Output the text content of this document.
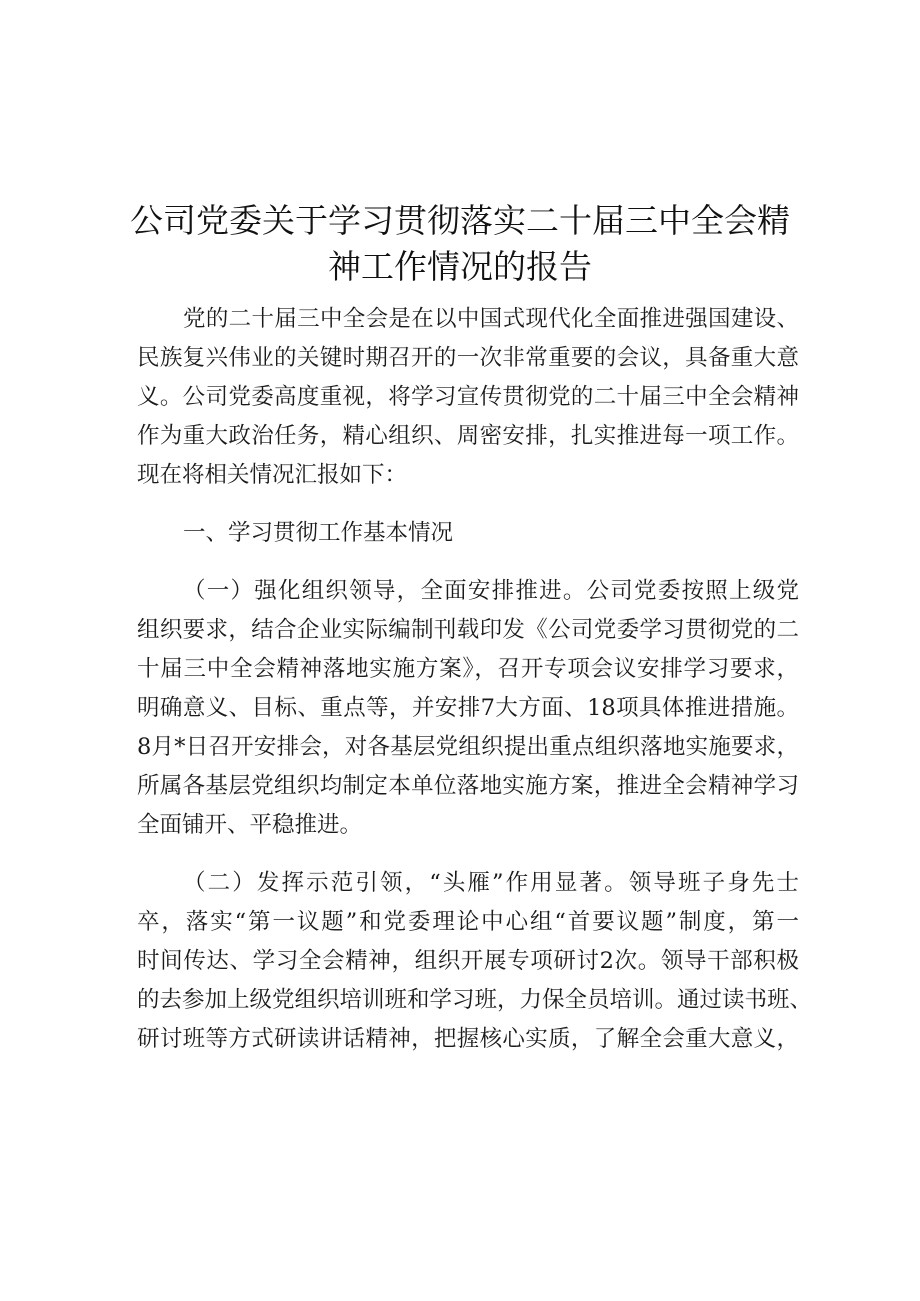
公司党委关于学习贯彻落实二十届三中全会精
神工作情况的报告

党的二十届三中全会是在以中国式现代化全面推进强国建设、
民族复兴伟业的关键时期召开的一次非常重要的会议，具备重大意
义。公司党委高度重视，将学习宣传贯彻党的二十届三中全会精神
作为重大政治任务，精心组织、周密安排，扎实推进每一项工作。
现在将相关情况汇报如下：

一、学习贯彻工作基本情况

（一）强化组织领导，全面安排推进。公司党委按照上级党
组织要求，结合企业实际编制刊载印发《公司党委学习贯彻党的二
十届三中全会精神落地实施方案》，召开专项会议安排学习要求，
明确意义、目标、重点等，并安排7大方面、18项具体推进措施。
8月*日召开安排会，对各基层党组织提出重点组织落地实施要求，
所属各基层党组织均制定本单位落地实施方案，推进全会精神学习
全面铺开、平稳推进。

（二）发挥示范引领，“头雁”作用显著。领导班子身先士
卒，落实“第一议题”和党委理论中心组“首要议题”制度，第一
时间传达、学习全会精神，组织开展专项研讨2次。领导干部积极
的去参加上级党组织培训班和学习班，力保全员培训。通过读书班、
研讨班等方式研读讲话精神，把握核心实质，了解全会重大意义，
